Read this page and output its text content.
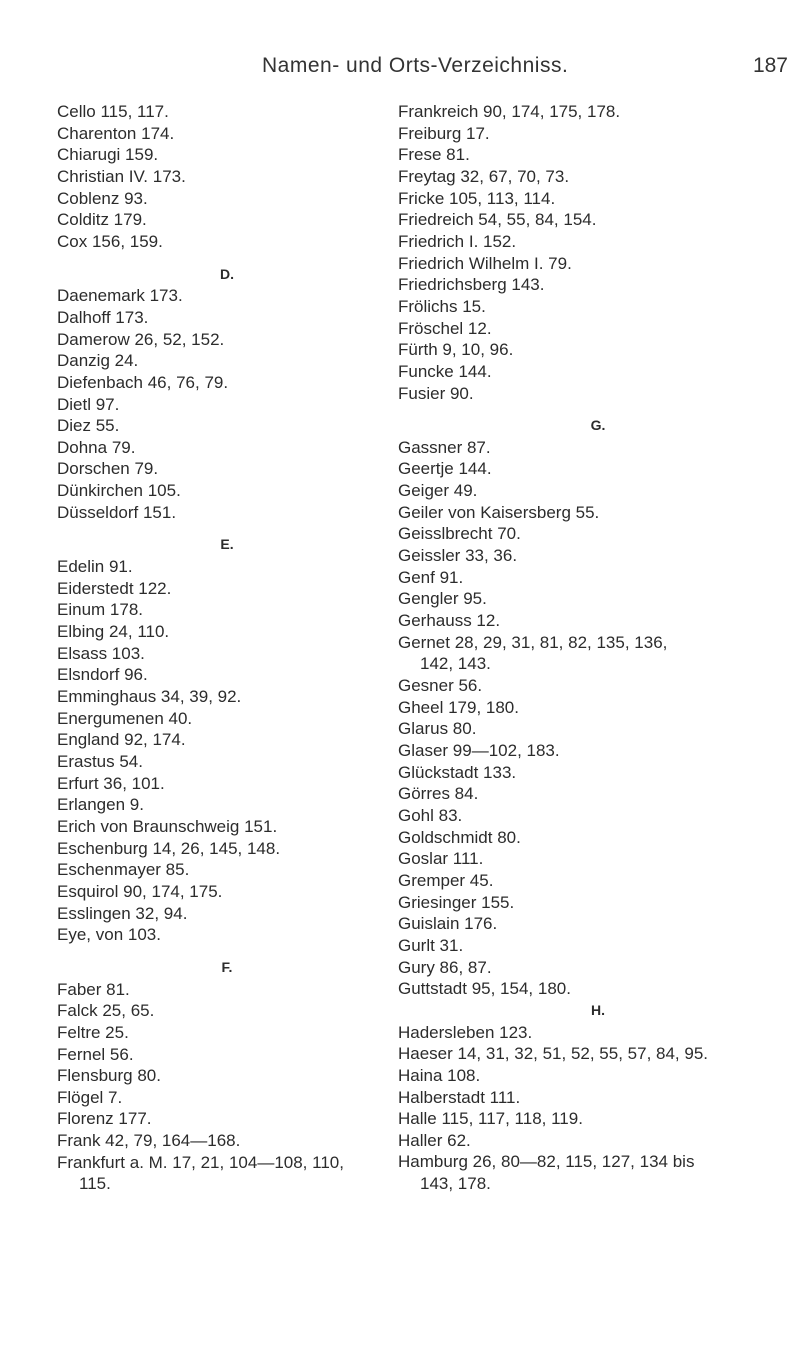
Namen- und Orts-Verzeichniss.	187
Cello 115, 117.
Charenton 174.
Chiarugi 159.
Christian IV. 173.
Coblenz 93.
Colditz 179.
Cox 156, 159.
D.
Daenemark 173.
Dalhoff 173.
Damerow 26, 52, 152.
Danzig 24.
Diefenbach 46, 76, 79.
Dietl 97.
Diez 55.
Dohna 79.
Dorschen 79.
Dünkirchen 105.
Düsseldorf 151.
E.
Edelin 91.
Eiderstedt 122.
Einum 178.
Elbing 24, 110.
Elsass 103.
Elsndorf 96.
Emminghaus 34, 39, 92.
Energumenen 40.
England 92, 174.
Erastus 54.
Erfurt 36, 101.
Erlangen 9.
Erich von Braunschweig 151.
Eschenburg 14, 26, 145, 148.
Eschenmayer 85.
Esquirol 90, 174, 175.
Esslingen 32, 94.
Eye, von 103.
F.
Faber 81.
Falck 25, 65.
Feltre 25.
Fernel 56.
Flensburg 80.
Flögel 7.
Florenz 177.
Frank 42, 79, 164—168.
Frankfurt a. M. 17, 21, 104—108, 110,
115.
Frankreich 90, 174, 175, 178.
Freiburg 17.
Frese 81.
Freytag 32, 67, 70, 73.
Fricke 105, 113, 114.
Friedreich 54, 55, 84, 154.
Friedrich I. 152.
Friedrich Wilhelm I. 79.
Friedrichsberg 143.
Frölichs 15.
Fröschel 12.
Fürth 9, 10, 96.
Funcke 144.
Fusier 90.
G.
Gassner 87.
Geertje 144.
Geiger 49.
Geiler von Kaisersberg 55.
Geisslbrecht 70.
Geissler 33, 36.
Genf 91.
Gengler 95.
Gerhauss 12.
Gernet 28, 29, 31, 81, 82, 135, 136,
142, 143.
Gesner 56.
Gheel 179, 180.
Glarus 80.
Glaser 99—102, 183.
Glückstadt 133.
Görres 84.
Gohl 83.
Goldschmidt 80.
Goslar 111.
Gremper 45.
Griesinger 155.
Guislain 176.
Gurlt 31.
Gury 86, 87.
Guttstadt 95, 154, 180.
H.
Hadersleben 123.
Haeser 14, 31, 32, 51, 52, 55, 57, 84, 95.
Haina 108.
Halberstadt 111.
Halle 115, 117, 118, 119.
Haller 62.
Hamburg 26, 80—82, 115, 127, 134 bis
143, 178.
